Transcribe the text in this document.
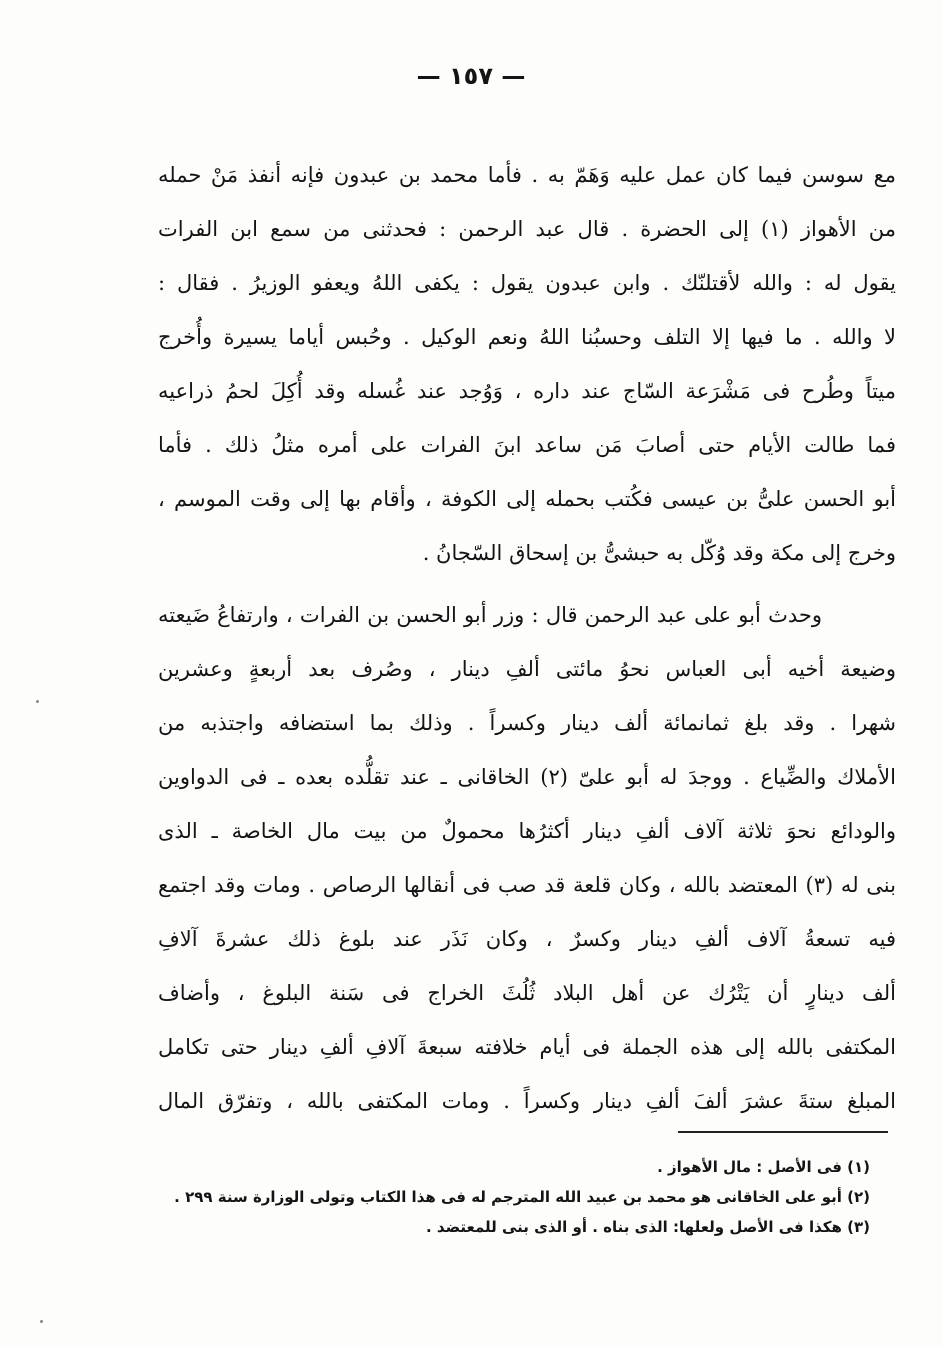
— ١٥٧ —
مع سوسن فيما كان عمل عليه وَهَمّ به . فأما محمد بن عبدون فإنه أنفذ مَنْ حمله
من الأهواز (١) إلى الحضرة . قال عبد الرحمن : فحدثنى من سمع ابن الفرات
يقول له : والله لأقتلنّك . وابن عبدون يقول : يكفى اللهُ ويعفو الوزيرُ . فقال :
لا والله . ما فيها إلا التلف وحسبُنا اللهُ ونعم الوكيل . وحُبس أياما يسيرة وأُخرج
ميتاً وطُرح فى مَشْرَعة السّاج عند داره ، وَوُجد عند غُسله وقد أُكِلَ لحمُ ذراعيه
فما طالت الأيام حتى أصابَ مَن ساعد ابنَ الفرات على أمره مثلُ ذلك . فأما
أبو الحسن علىُّ بن عيسى فكُتب بحمله إلى الكوفة ، وأقام بها إلى وقت الموسم ،
وخرج إلى مكة وقد وُكّل به حبشىُّ بن إسحاق السّجانُ .
وحدث أبو على عبد الرحمن قال : وزر أبو الحسن بن الفرات ، وارتفاعُ ضَيعته
وضيعة أخيه أبى العباس نحوُ مائتى ألفِ دينار ، وصُرف بعد أربعةٍ وعشرين
شهرا . وقد بلغ ثمانمائة ألف دينار وكسراً . وذلك بما استضافه واجتذبه من
الأملاك والضِّياع . ووجدَ له أبو علىّ (٢) الخاقانى ـ عند تقلُّده بعده ـ فى الدواوين
والودائع نحوَ ثلاثة آلاف ألفِ دينار أكثرُها محمولٌ من بيت مال الخاصة ـ الذى
بنى له (٣) المعتضد بالله ، وكان قلعة قد صب فى أنقالها الرصاص . ومات وقد اجتمع
فيه تسعةُ آلاف ألفِ دينار وكسرٌ ، وكان نَذَر عند بلوغ ذلك عشرةَ آلافِ
ألف دينارٍ أن يَتْرُك عن أهل البلاد ثُلُثَ الخراج فى سَنة البلوغ ، وأضاف
المكتفى بالله إلى هذه الجملة فى أيام خلافته سبعةَ آلافِ ألفِ دينار حتى تكامل
المبلغ ستةَ عشرَ ألفَ ألفِ دينار وكسراً . ومات المكتفى بالله ، وتفرّق المال
(١) فى الأصل : مال الأهواز .
(٢) أبو على الخاقانى هو محمد بن عبيد الله المترجم له فى هذا الكتاب وتولى الوزارة سنة ٢٩٩ .
(٣) هكذا فى الأصل ولعلها: الذى بناه . أو الذى بنى للمعتضد .
